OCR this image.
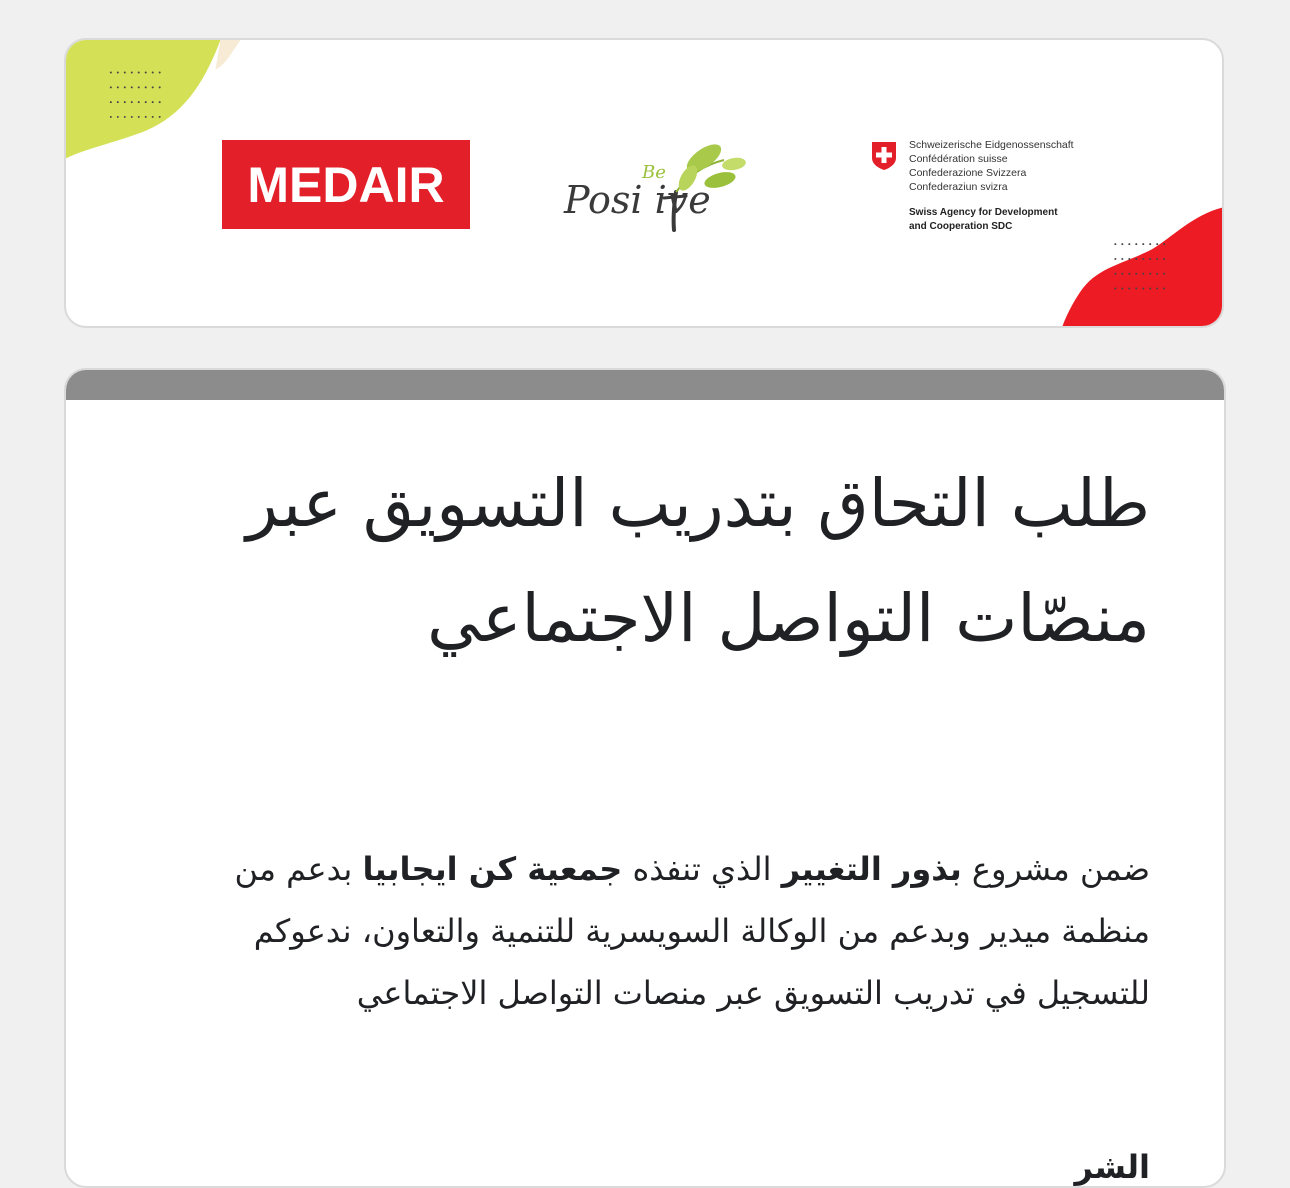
MEDAIR	Be
Posi ive
Schweizerische Eidgenossenschaft
Confédération suisse
Confederazione Svizzera
Confederaziun svizra
Swiss Agency for Development
and Cooperation SDC
طلب التحاق بتدريب التسويق عبر منصّات التواصل الاجتماعي

ضمن مشروع بذور التغيير الذي تنفذه جمعية كن ايجابيا بدعم من منظمة ميدير وبدعم من الوكالة السويسرية للتنمية والتعاون، ندعوكم للتسجيل في تدريب التسويق عبر منصات التواصل الاجتماعي

الشر
